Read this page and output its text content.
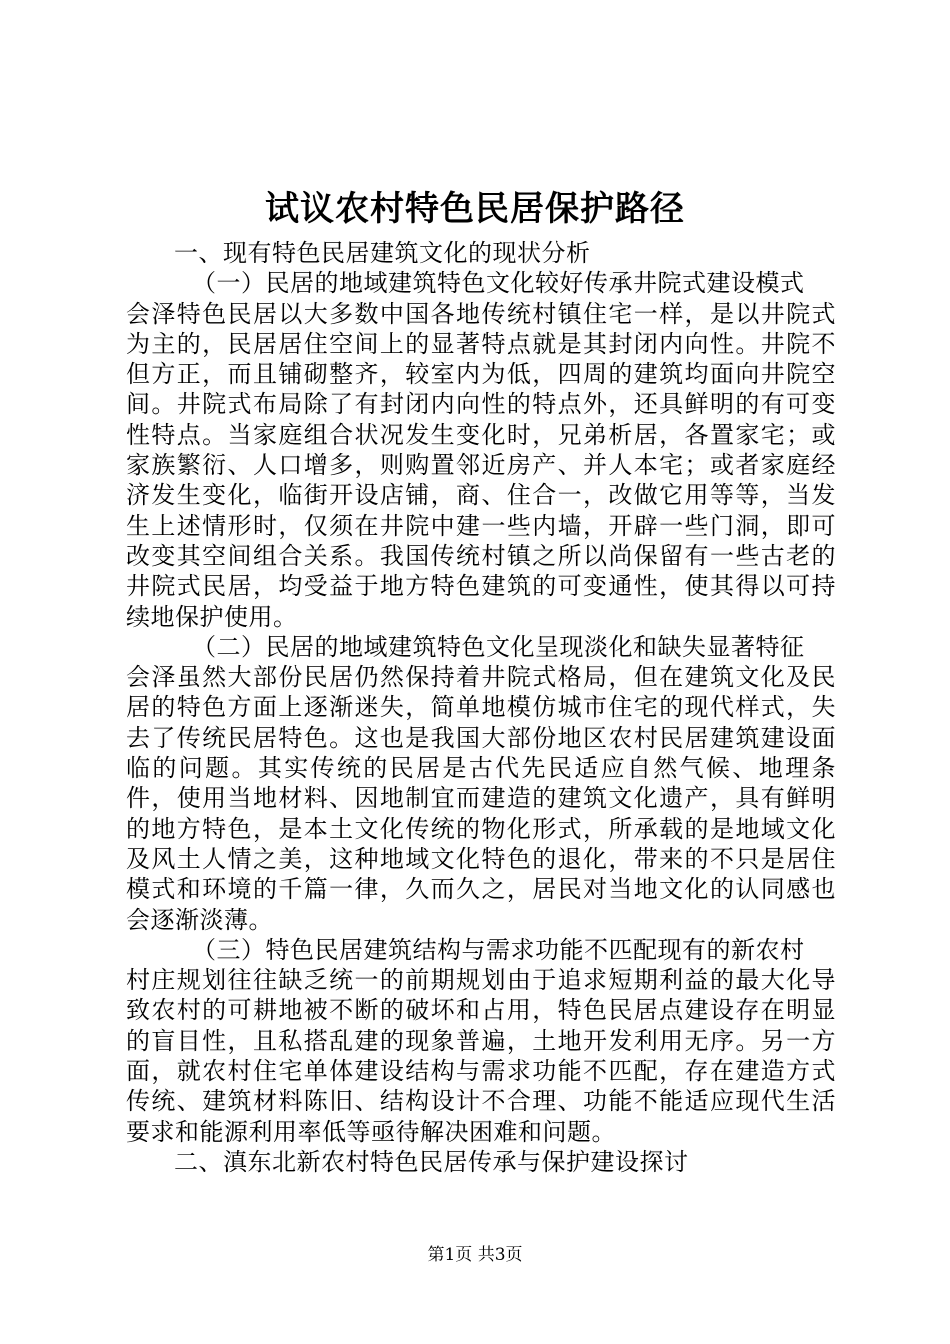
试议农村特色民居保护路径

一、现有特色民居建筑文化的现状分析

（一）民居的地域建筑特色文化较好传承井院式建设模式

会泽特色民居以大多数中国各地传统村镇住宅一样，是以井院式为主的，民居居住空间上的显著特点就是其封闭内向性。井院不但方正，而且铺砌整齐，较室内为低，四周的建筑均面向井院空间。井院式布局除了有封闭内向性的特点外，还具鲜明的有可变性特点。当家庭组合状况发生变化时，兄弟析居，各置家宅；或家族繁衍、人口增多，则购置邻近房产、并人本宅；或者家庭经济发生变化，临街开设店铺，商、住合一，改做它用等等，当发生上述情形时，仅须在井院中建一些内墙，开辟一些门洞，即可改变其空间组合关系。我国传统村镇之所以尚保留有一些古老的井院式民居，均受益于地方特色建筑的可变通性，使其得以可持续地保护使用。

（二）民居的地域建筑特色文化呈现淡化和缺失显著特征

会泽虽然大部份民居仍然保持着井院式格局，但在建筑文化及民居的特色方面上逐渐迷失，简单地模仿城市住宅的现代样式，失去了传统民居特色。这也是我国大部份地区农村民居建筑建设面临的问题。其实传统的民居是古代先民适应自然气候、地理条件，使用当地材料、因地制宜而建造的建筑文化遗产，具有鲜明的地方特色，是本土文化传统的物化形式，所承载的是地域文化及风土人情之美，这种地域文化特色的退化，带来的不只是居住模式和环境的千篇一律，久而久之，居民对当地文化的认同感也会逐渐淡薄。

（三）特色民居建筑结构与需求功能不匹配现有的新农村

村庄规划往往缺乏统一的前期规划由于追求短期利益的最大化导致农村的可耕地被不断的破坏和占用，特色民居点建设存在明显的盲目性，且私搭乱建的现象普遍，土地开发利用无序。另一方面，就农村住宅单体建设结构与需求功能不匹配，存在建造方式传统、建筑材料陈旧、结构设计不合理、功能不能适应现代生活要求和能源利用率低等亟待解决困难和问题。

二、滇东北新农村特色民居传承与保护建设探讨

第1页 共3页
